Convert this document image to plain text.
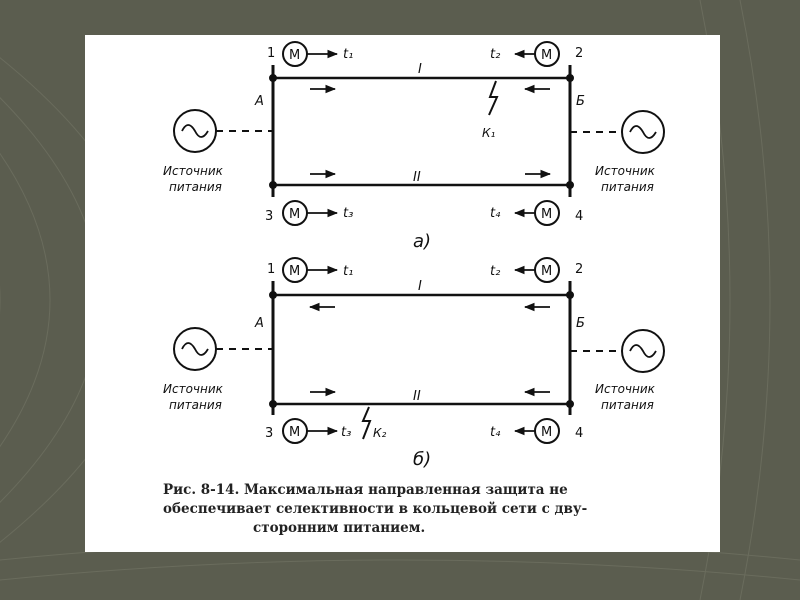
1	2
3	4
М	М
М	М
t₁	t₂
t₃	t₄
I
II
А	Б
К₁
Источник
питания
Источник
питания
а)
1	2
3	4
М	М
М	М
t₁	t₂
t₃	t₄
I
II
А	Б
К₂
Источник
питания
Источник
питания
б)
Рис. 8-14. Максимальная направленная защита не
обеспечивает селективности в кольцевой сети с дву-
сторонним питанием.
